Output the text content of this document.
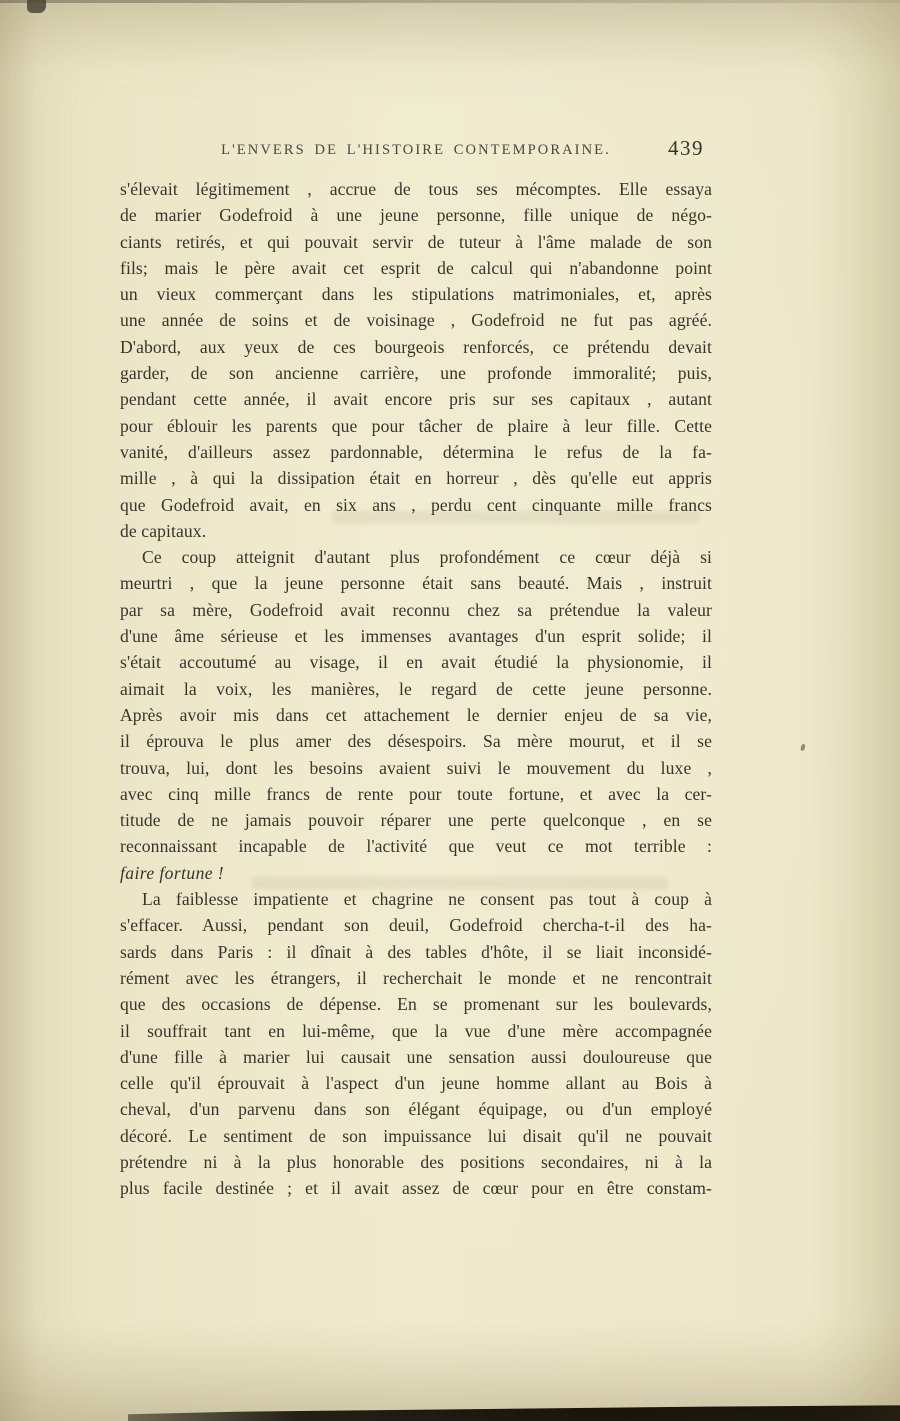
L'ENVERS DE L'HISTOIRE CONTEMPORAINE.	439
s'élevait légitimement , accrue de tous ses mécomptes. Elle essaya
de marier Godefroid à une jeune personne, fille unique de négo-
ciants retirés, et qui pouvait servir de tuteur à l'âme malade de son
fils; mais le père avait cet esprit de calcul qui n'abandonne point
un vieux commerçant dans les stipulations matrimoniales, et, après
une année de soins et de voisinage , Godefroid ne fut pas agréé.
D'abord, aux yeux de ces bourgeois renforcés, ce prétendu devait
garder, de son ancienne carrière, une profonde immoralité; puis,
pendant cette année, il avait encore pris sur ses capitaux , autant
pour éblouir les parents que pour tâcher de plaire à leur fille. Cette
vanité, d'ailleurs assez pardonnable, détermina le refus de la fa-
mille , à qui la dissipation était en horreur , dès qu'elle eut appris
que Godefroid avait, en six ans , perdu cent cinquante mille francs
de capitaux.
Ce coup atteignit d'autant plus profondément ce cœur déjà si
meurtri , que la jeune personne était sans beauté. Mais , instruit
par sa mère, Godefroid avait reconnu chez sa prétendue la valeur
d'une âme sérieuse et les immenses avantages d'un esprit solide; il
s'était accoutumé au visage, il en avait étudié la physionomie, il
aimait la voix, les manières, le regard de cette jeune personne.
Après avoir mis dans cet attachement le dernier enjeu de sa vie,
il éprouva le plus amer des désespoirs. Sa mère mourut, et il se
trouva, lui, dont les besoins avaient suivi le mouvement du luxe ,
avec cinq mille francs de rente pour toute fortune, et avec la cer-
titude de ne jamais pouvoir réparer une perte quelconque , en se
reconnaissant incapable de l'activité que veut ce mot terrible :
faire fortune !
La faiblesse impatiente et chagrine ne consent pas tout à coup à
s'effacer. Aussi, pendant son deuil, Godefroid chercha-t-il des ha-
sards dans Paris : il dînait à des tables d'hôte, il se liait inconsidé-
rément avec les étrangers, il recherchait le monde et ne rencontrait
que des occasions de dépense. En se promenant sur les boulevards,
il souffrait tant en lui-même, que la vue d'une mère accompagnée
d'une fille à marier lui causait une sensation aussi douloureuse que
celle qu'il éprouvait à l'aspect d'un jeune homme allant au Bois à
cheval, d'un parvenu dans son élégant équipage, ou d'un employé
décoré. Le sentiment de son impuissance lui disait qu'il ne pouvait
prétendre ni à la plus honorable des positions secondaires, ni à la
plus facile destinée ; et il avait assez de cœur pour en être constam-
